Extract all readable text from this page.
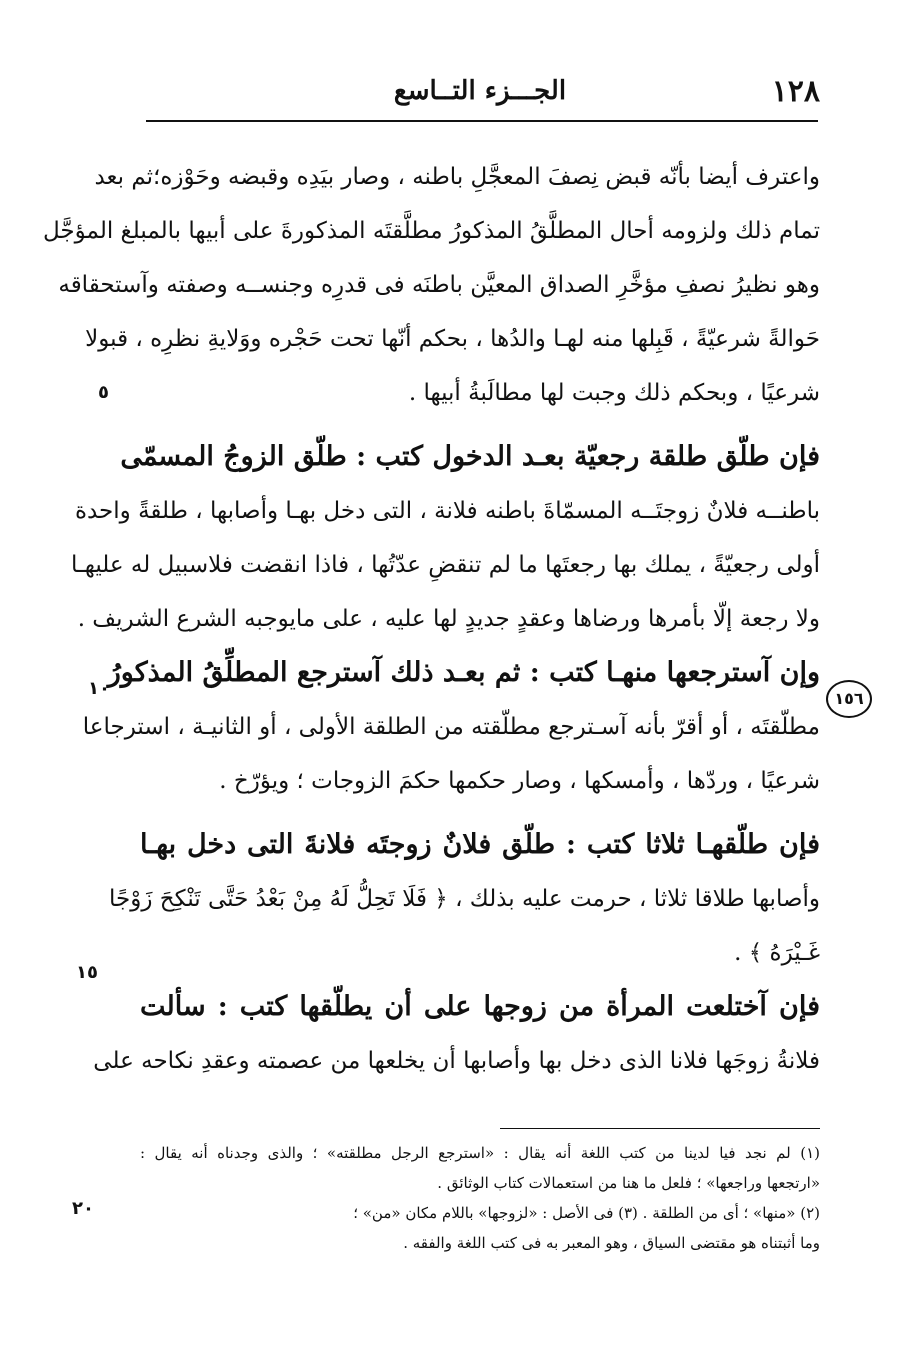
١٢٨
الجـــزء التــاسع
١٥٦
٥
١٠
١٥
٢٠
واعترف أيضا بأنّه قبض نِصفَ المعجَّلِ باطنه ، وصار بيَدِه وقبضه وحَوْزه؛ثم بعد
تمام ذلك ولزومه أحال المطلَّقُ المذكورُ مطلَّقتَه المذكورةَ على أبيها بالمبلغ المؤجَّل
وهو نظيرُ نصفِ مؤخَّرِ الصداق المعيَّن باطنَه فى قدرِه وجنســه وصفته وآستحقاقه
حَوالةً شرعيّةً ، قَبِلها منه لهـا والدُها ، بحكم أنّها تحت حَجْره ووَلايةِ نظرِه ، قبولا
شرعيًا ، وبحكم ذلك وجبت لها مطالَبةُ أبيها .
فإن طلّق طلقة رجعيّة بعـد الدخول كتب : طلّق الزوجُ المسمّى
باطنــه فلانٌ زوجتَــه المسمّاةَ باطنه فلانة ، التى دخل بهـا وأصابها ، طلقةً واحدة
أولى رجعيّةً ، يملك بها رجعتَها ما لم تنقضِ عدّتُها ، فاذا انقضت فلاسبيل له عليهـا
ولا رجعة إلّا بأمرها ورضاها وعقدٍ جديدٍ لها عليه ، على مايوجبه الشرع الشريف .
وإن آسترجعها منهـا كتب : ثم بعـد ذلك آسترجع المطلِّقُ المذكورُ
مطلّقتَه ، أو أقرّ بأنه آسـترجع مطلّقته من الطلقة الأولى ، أو الثانيـة ، استرجاعا
شرعيًا ، وردّها ، وأمسكها ، وصار حكمها حكمَ الزوجات ؛ ويؤرّخ .
فإن طلّقهـا ثلاثا كتب : طلّق فلانٌ زوجتَه فلانةَ التى دخل بهـا
وأصابها طلاقا ثلاثا ، حرمت عليه بذلك ، ﴿ فَلَا تَحِلُّ لَهُ مِنْ بَعْدُ حَتَّى تَنْكِحَ زَوْجًا
غَـيْرَهُ ﴾ .
فإن آختلعت المرأة من زوجها على أن يطلّقها كتب : سألت
فلانةُ زوجَها فلانا الذى دخل بها وأصابها أن يخلعها من عصمته وعقدِ نكاحه على
(١) لم نجد فيا لدينا من كتب اللغة أنه يقال : «استرجع الرجل مطلقته» ؛ والذى وجدناه أنه يقال :
«ارتجعها وراجعها» ؛ فلعل ما هنا من استعمالات كتاب الوثائق .
(٢) «منها» ؛ أى من الطلقة . (٣) فى الأصل : «لزوجها» باللام مكان «من» ؛
وما أثبتناه هو مقتضى السياق ، وهو المعبر به فى كتب اللغة والفقه .
